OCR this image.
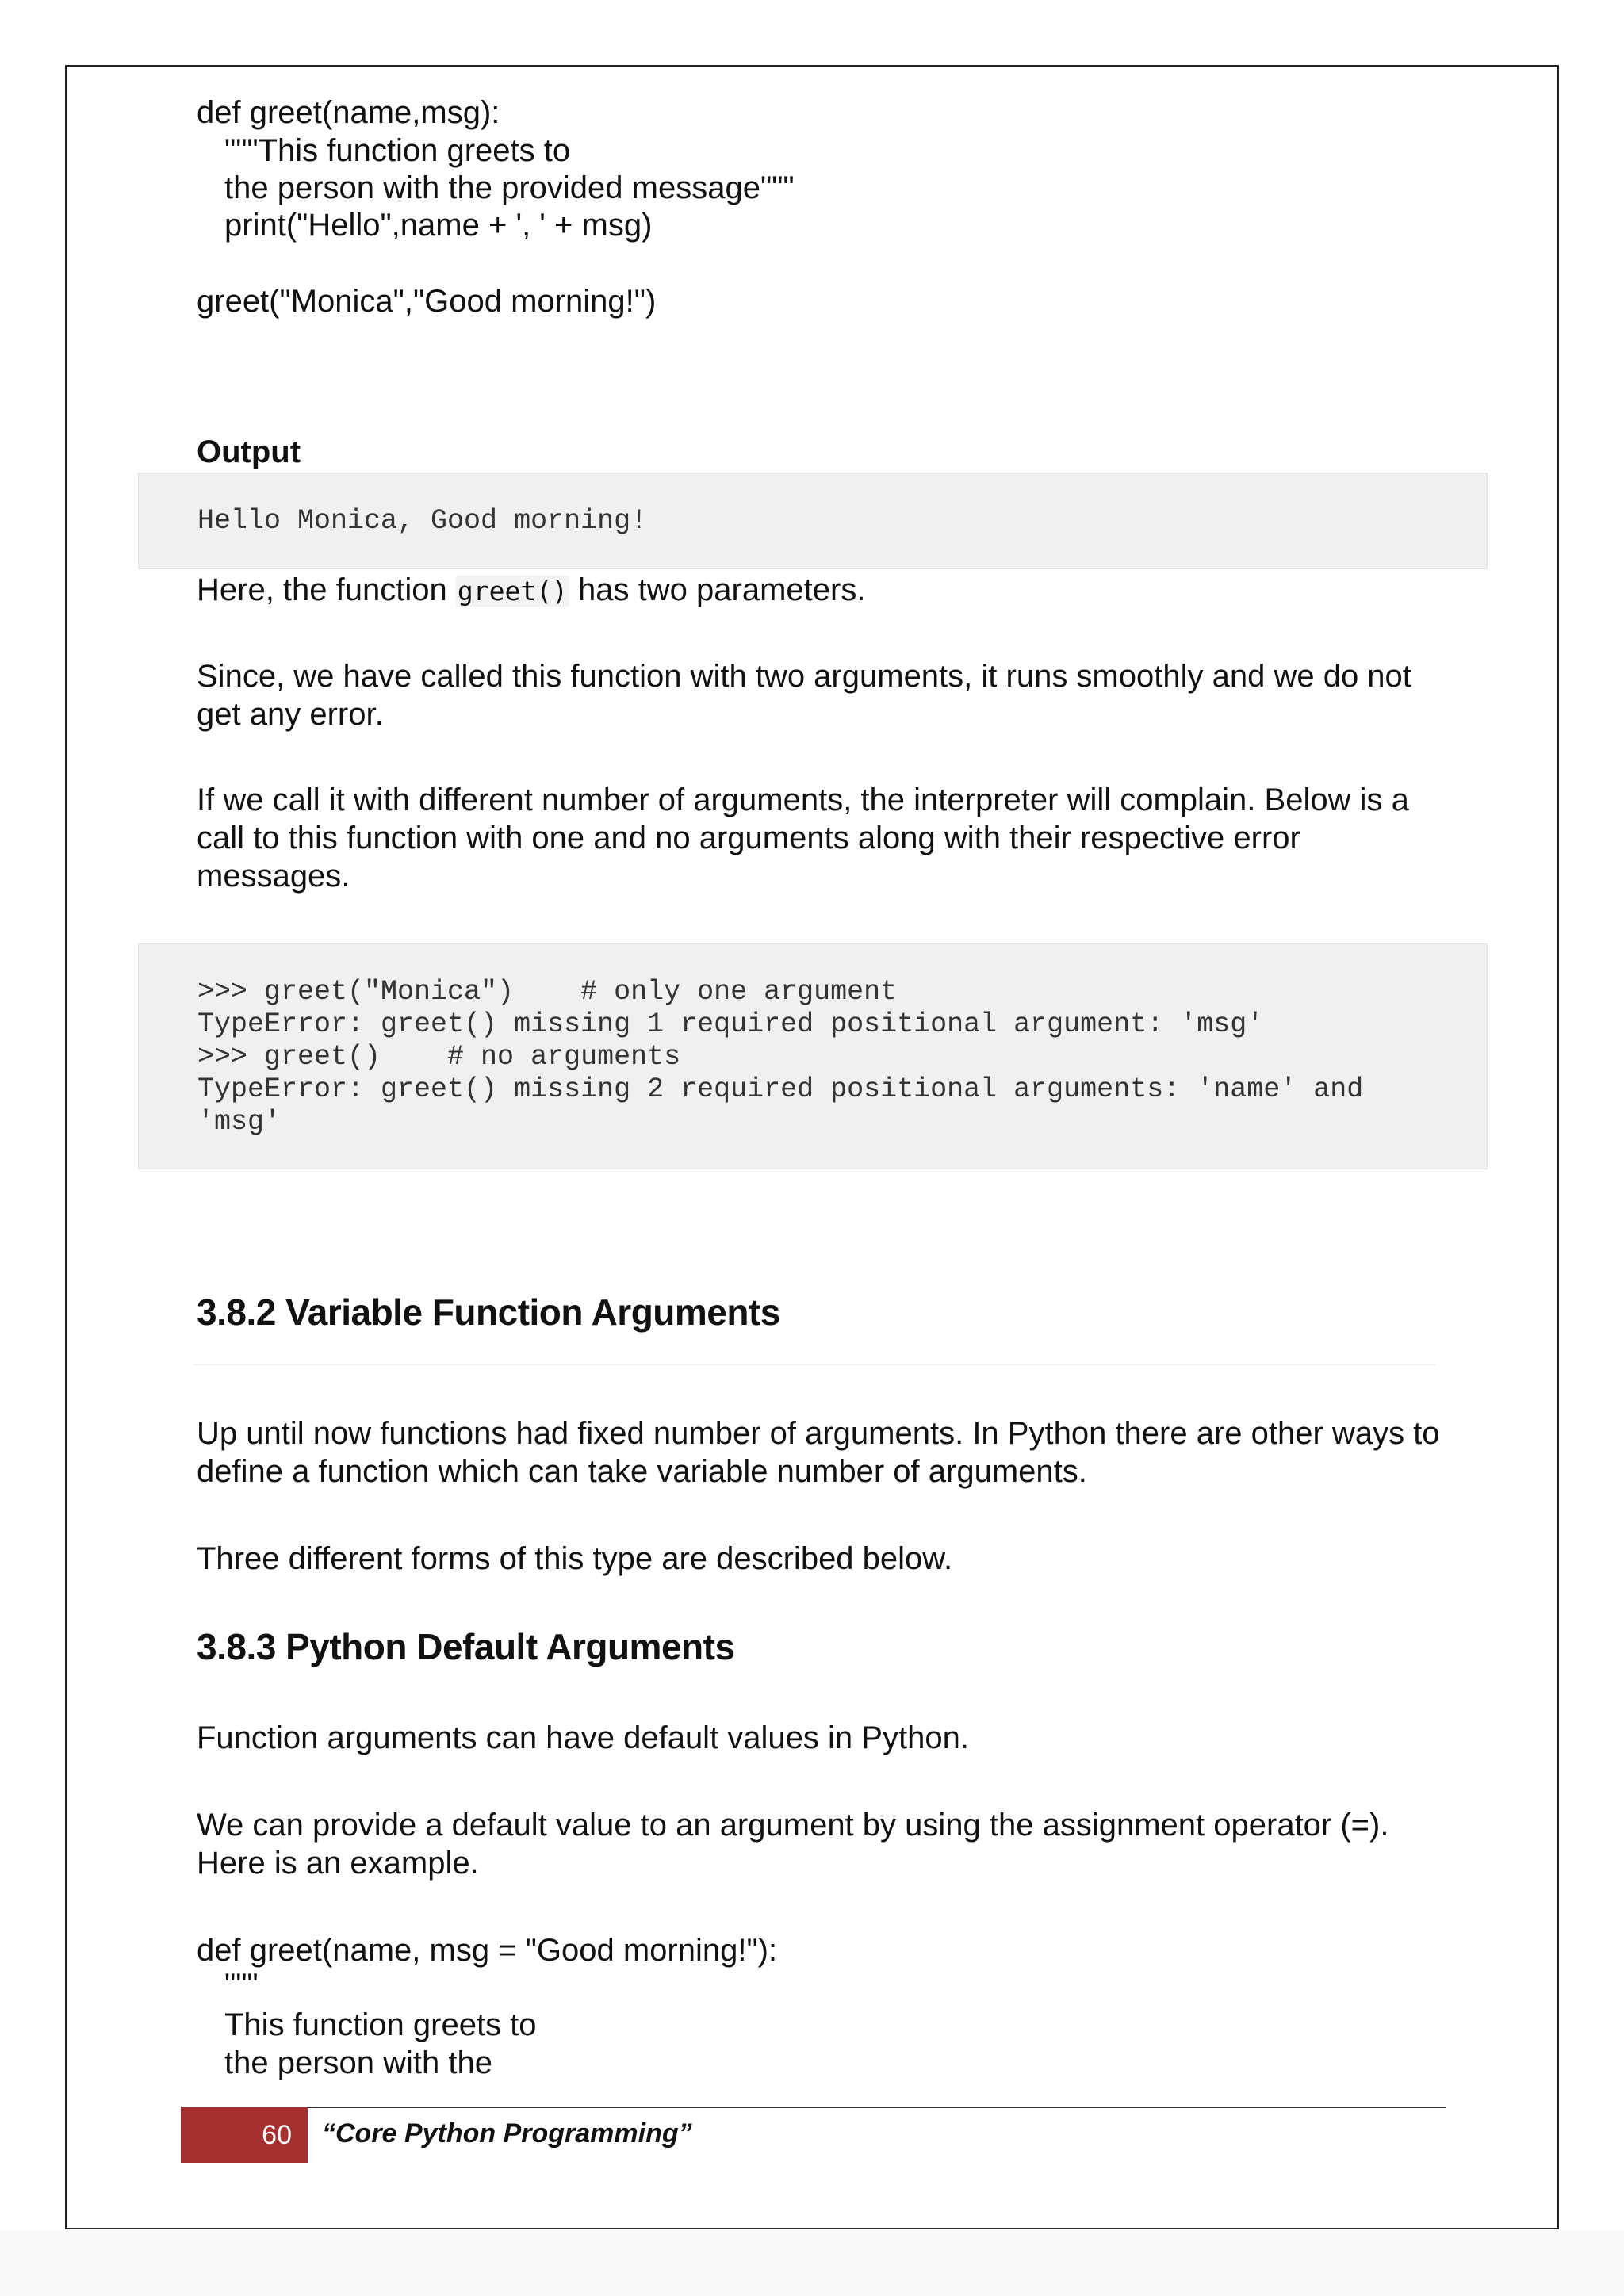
def greet(name,msg):

"""This function greets to

the person with the provided message"""

print("Hello",name + ', ' + msg)

greet("Monica","Good morning!")

Output

Hello Monica, Good morning!

Here, the function greet() has two parameters.

Since, we have called this function with two arguments, it runs smoothly and we do not get any error.

If we call it with different number of arguments, the interpreter will complain. Below is a call to this function with one and no arguments along with their respective error messages.

>>> greet("Monica")    # only one argument

TypeError: greet() missing 1 required positional argument: 'msg'

>>> greet()    # no arguments

TypeError: greet() missing 2 required positional arguments: 'name' and

'msg'

3.8.2 Variable Function Arguments

Up until now functions had fixed number of arguments. In Python there are other ways to define a function which can take variable number of arguments.

Three different forms of this type are described below.

3.8.3 Python Default Arguments

Function arguments can have default values in Python.

We can provide a default value to an argument by using the assignment operator (=). Here is an example.

def greet(name, msg = "Good morning!"):

"""

This function greets to

the person with the

60	“Core Python Programming”
